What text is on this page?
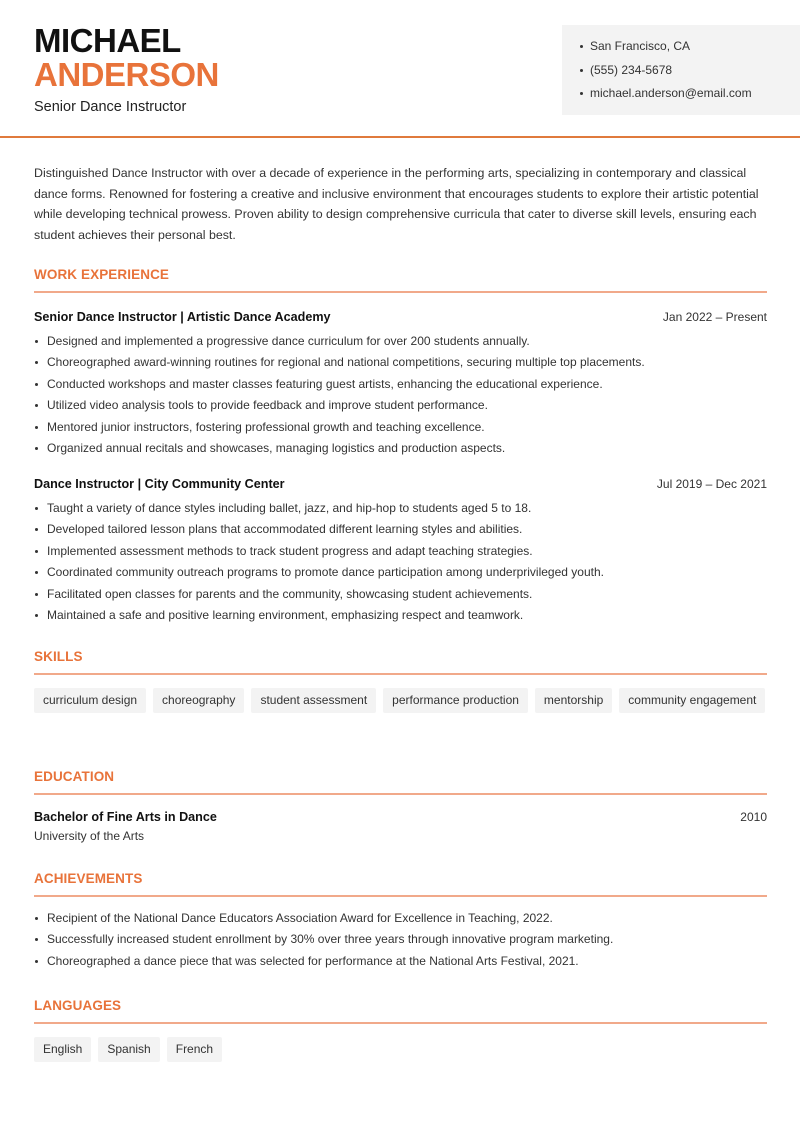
MICHAEL
ANDERSON
Senior Dance Instructor
San Francisco, CA
(555) 234-5678
michael.anderson@email.com

Distinguished Dance Instructor with over a decade of experience in the performing arts, specializing in contemporary and classical dance forms. Renowned for fostering a creative and inclusive environment that encourages students to explore their artistic potential while developing technical prowess. Proven ability to design comprehensive curricula that cater to diverse skill levels, ensuring each student achieves their personal best.

WORK EXPERIENCE
Senior Dance Instructor | Artistic Dance Academy	Jan 2022 – Present
Designed and implemented a progressive dance curriculum for over 200 students annually.
Choreographed award-winning routines for regional and national competitions, securing multiple top placements.
Conducted workshops and master classes featuring guest artists, enhancing the educational experience.
Utilized video analysis tools to provide feedback and improve student performance.
Mentored junior instructors, fostering professional growth and teaching excellence.
Organized annual recitals and showcases, managing logistics and production aspects.
Dance Instructor | City Community Center	Jul 2019 – Dec 2021
Taught a variety of dance styles including ballet, jazz, and hip-hop to students aged 5 to 18.
Developed tailored lesson plans that accommodated different learning styles and abilities.
Implemented assessment methods to track student progress and adapt teaching strategies.
Coordinated community outreach programs to promote dance participation among underprivileged youth.
Facilitated open classes for parents and the community, showcasing student achievements.
Maintained a safe and positive learning environment, emphasizing respect and teamwork.
SKILLS
curriculum design	choreography	student assessment	performance production	mentorship	community engagement
EDUCATION
Bachelor of Fine Arts in Dance	2010
University of the Arts
ACHIEVEMENTS
Recipient of the National Dance Educators Association Award for Excellence in Teaching, 2022.
Successfully increased student enrollment by 30% over three years through innovative program marketing.
Choreographed a dance piece that was selected for performance at the National Arts Festival, 2021.
LANGUAGES
English	Spanish	French
